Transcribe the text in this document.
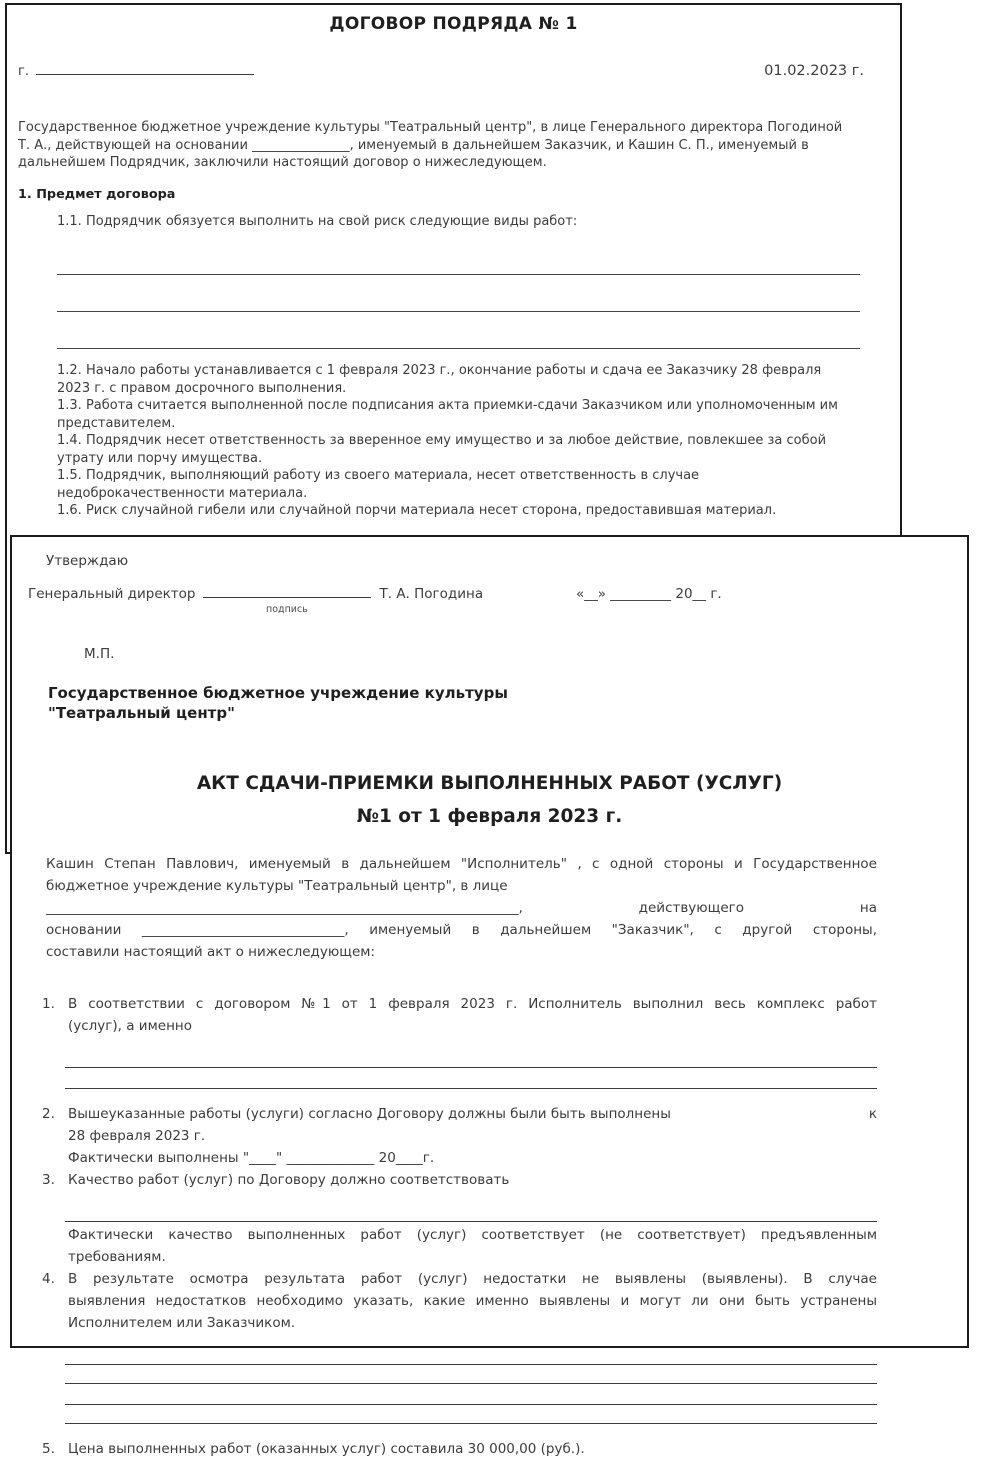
ДОГОВОР ПОДРЯДА № 1
г.	01.02.2023 г.
Государственное бюджетное учреждение культуры "Театральный центр", в лице Генерального директора Погодиной Т. А., действующей на основании _______________, именуемый в дальнейшем Заказчик, и Кашин С. П., именуемый в дальнейшем Подрядчик, заключили настоящий договор о нижеследующем.
1. Предмет договора
1.1. Подрядчик обязуется выполнить на свой риск следующие виды работ:

1.2. Начало работы устанавливается с 1 февраля 2023 г., окончание работы и сдача ее Заказчику 28 февраля 2023 г. с правом досрочного выполнения.

1.3. Работа считается выполненной после подписания акта приемки-сдачи Заказчиком или уполномоченным им представителем.

1.4. Подрядчик несет ответственность за вверенное ему имущество и за любое действие, повлекшее за собой утрату или порчу имущества.

1.5. Подрядчик, выполняющий работу из своего материала, несет ответственность в случае недоброкачественности материала.

1.6. Риск случайной гибели или случайной порчи материала несет сторона, предоставившая материал.

Утверждаю
Генеральный директор	Т. А. Погодина	«__» _________ 20__ г.
подпись
М.П.
Государственное бюджетное учреждение культуры
"Театральный центр"
АКТ СДАЧИ-ПРИЕМКИ ВЫПОЛНЕННЫХ РАБОТ (УСЛУГ)
№1 от 1 февраля 2023 г.
Кашин Степан Павлович, именуемый в дальнейшем "Исполнитель" , с одной стороны и Государственное
бюджетное учреждение культуры "Театральный центр", в лице
______________________________________________________________________, действующего на
основании ______________________________, именуемый в дальнейшем "Заказчик", с другой стороны,
составили настоящий акт о нижеследующем:
1. В соответствии с договором №1 от 1 февраля 2023 г. Исполнитель выполнил весь комплекс работ
(услуг), а именно
2. Вышеуказанные работы (услуги) согласно Договору должны были быть выполнены	к
28 февраля 2023 г.
Фактически выполнены "____" _____________ 20____г.
3. Качество работ (услуг) по Договору должно соответствовать
Фактически качество выполненных работ (услуг) соответствует (не соответствует) предъявленным
требованиям.
4. В результате осмотра результата работ (услуг) недостатки не выявлены (выявлены). В случае
выявления недостатков необходимо указать, какие именно выявлены и могут ли они быть устранены
Исполнителем или Заказчиком.
5. Цена выполненных работ (оказанных услуг) составила 30 000,00 (руб.).
